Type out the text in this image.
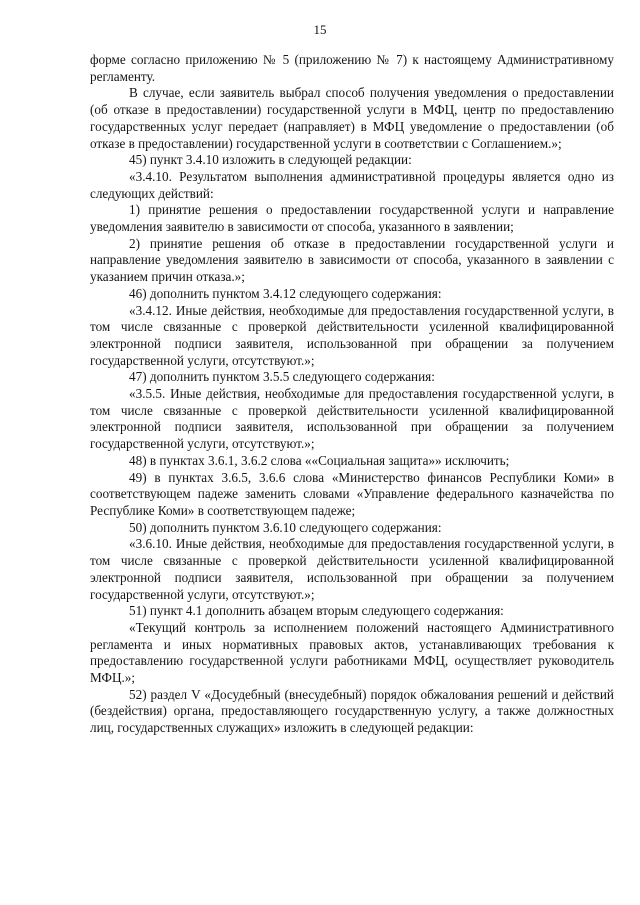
15

форме согласно приложению № 5 (приложению № 7) к настоящему Административному регламенту.

В случае, если заявитель выбрал способ получения уведомления о предоставлении (об отказе в предоставлении) государственной услуги в МФЦ, центр по предоставлению государственных услуг передает (направляет) в МФЦ уведомление о предоставлении (об отказе в предоставлении) государственной услуги в соответствии с Соглашением.»;

45) пункт 3.4.10 изложить в следующей редакции:

«3.4.10. Результатом выполнения административной процедуры является одно из следующих действий:

1) принятие решения о предоставлении государственной услуги и направление уведомления заявителю в зависимости от способа, указанного в заявлении;

2) принятие решения об отказе в предоставлении государственной услуги и направление уведомления заявителю в зависимости от способа, указанного в заявлении с указанием причин отказа.»;

46) дополнить пунктом 3.4.12 следующего содержания:

«3.4.12. Иные действия, необходимые для предоставления государственной услуги, в том числе связанные с проверкой действительности усиленной квалифицированной электронной подписи заявителя, использованной при обращении за получением государственной услуги, отсутствуют.»;

47) дополнить пунктом 3.5.5 следующего содержания:

«3.5.5. Иные действия, необходимые для предоставления государственной услуги, в том числе связанные с проверкой действительности усиленной квалифицированной электронной подписи заявителя, использованной при обращении за получением государственной услуги, отсутствуют.»;

48) в пунктах 3.6.1, 3.6.2 слова ««Социальная защита»» исключить;

49) в пунктах 3.6.5, 3.6.6 слова «Министерство финансов Республики Коми» в соответствующем падеже заменить словами «Управление федерального казначейства по Республике Коми» в соответствующем падеже;

50) дополнить пунктом 3.6.10 следующего содержания:

«3.6.10. Иные действия, необходимые для предоставления государственной услуги, в том числе связанные с проверкой действительности усиленной квалифицированной электронной подписи заявителя, использованной при обращении за получением государственной услуги, отсутствуют.»;

51) пункт 4.1 дополнить абзацем вторым следующего содержания:

«Текущий контроль за исполнением положений настоящего Административного регламента и иных нормативных правовых актов, устанавливающих требования к предоставлению государственной услуги работниками МФЦ, осуществляет руководитель МФЦ.»;

52) раздел V «Досудебный (внесудебный) порядок обжалования решений и действий (бездействия) органа, предоставляющего государственную услугу, а также должностных лиц, государственных служащих» изложить в следующей редакции:
